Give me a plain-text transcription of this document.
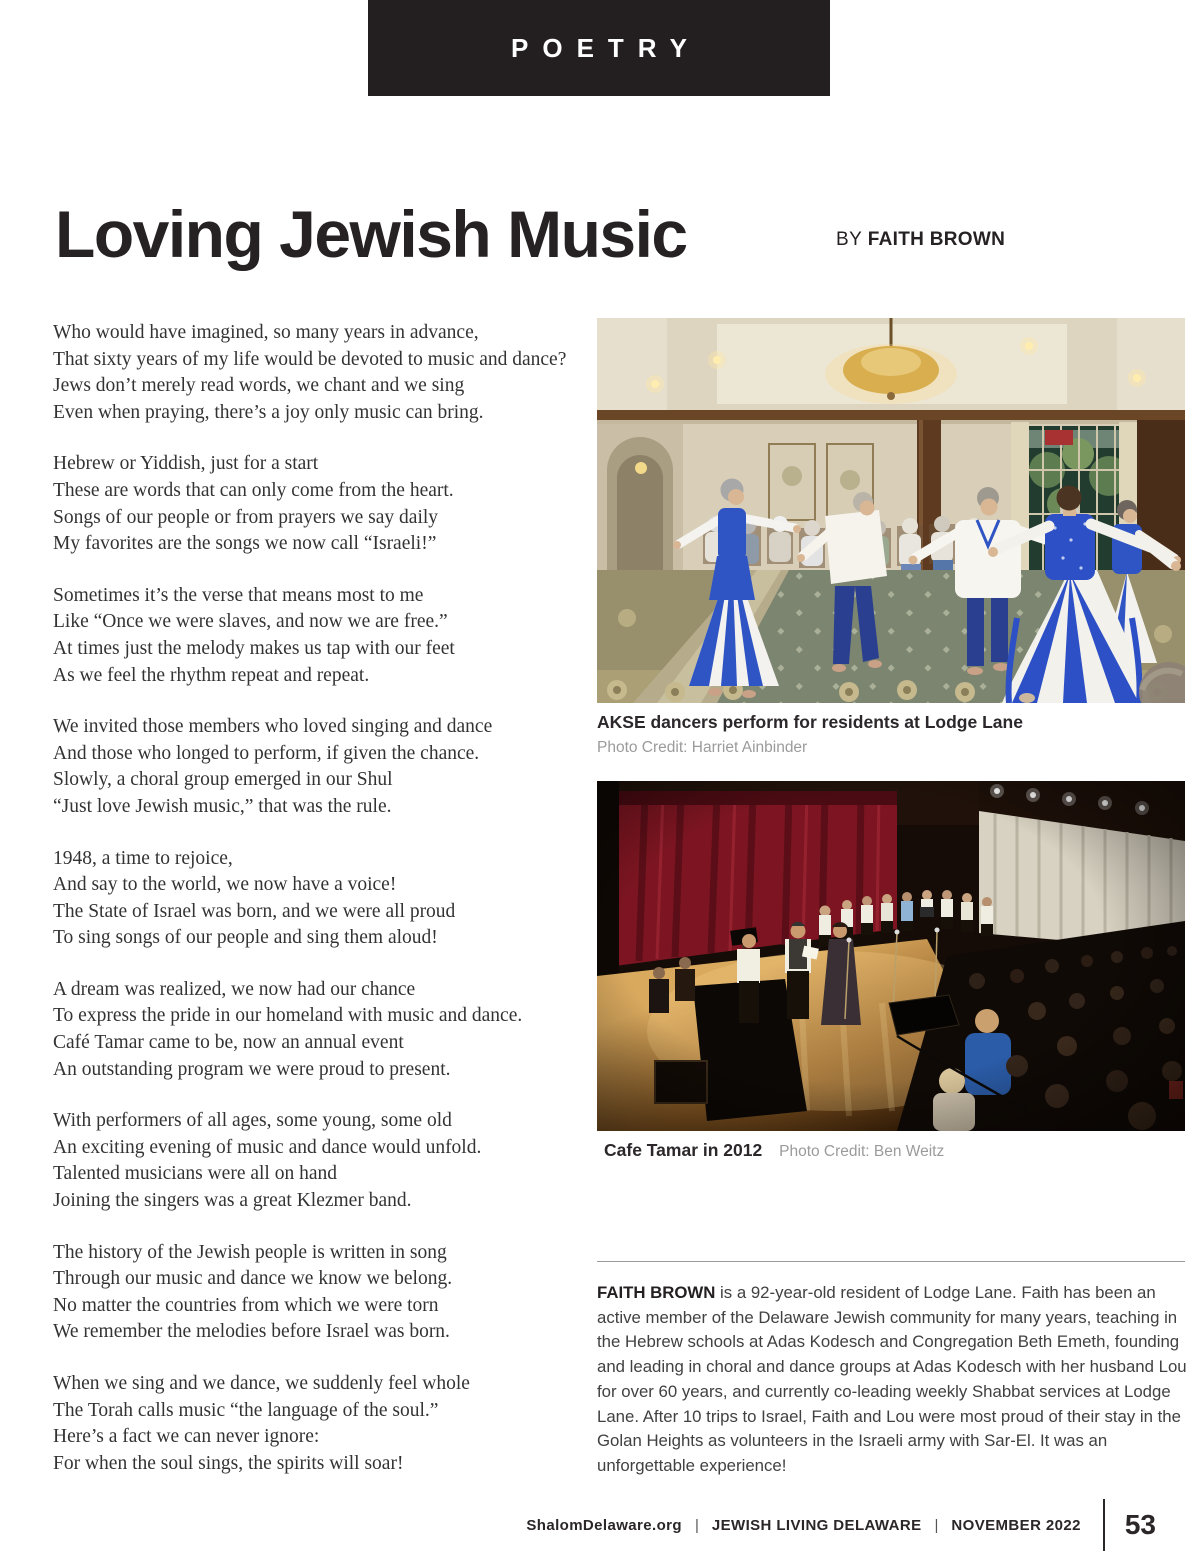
POETRY
Loving Jewish Music	BY FAITH BROWN
Who would have imagined, so many years in advance,
That sixty years of my life would be devoted to music and dance?
Jews don’t merely read words, we chant and we sing
Even when praying, there’s a joy only music can bring.
Hebrew or Yiddish, just for a start
These are words that can only come from the heart.
Songs of our people or from prayers we say daily
My favorites are the songs we now call “Israeli!”
Sometimes it’s the verse that means most to me
Like “Once we were slaves, and now we are free.”
At times just the melody makes us tap with our feet
As we feel the rhythm repeat and repeat.
We invited those members who loved singing and dance
And those who longed to perform, if given the chance.
Slowly, a choral group emerged in our Shul
“Just love Jewish music,” that was the rule.
1948, a time to rejoice,
And say to the world, we now have a voice!
The State of Israel was born, and we were all proud
To sing songs of our people and sing them aloud!
A dream was realized, we now had our chance
To express the pride in our homeland with music and dance.
Café Tamar came to be, now an annual event
An outstanding program we were proud to present.
With performers of all ages, some young, some old
An exciting evening of music and dance would unfold.
Talented musicians were all on hand
Joining the singers was a great Klezmer band.
The history of the Jewish people is written in song
Through our music and dance we know we belong.
No matter the countries from which we were torn
We remember the melodies before Israel was born.
When we sing and we dance, we suddenly feel whole
The Torah calls music “the language of the soul.”
Here’s a fact we can never ignore:
For when the soul sings, the spirits will soar!
AKSE dancers perform for residents at Lodge Lane
Photo Credit: Harriet Ainbinder
Cafe Tamar in 2012 Photo Credit: Ben Weitz

FAITH BROWN is a 92-year-old resident of Lodge Lane. Faith has been an active member of the Delaware Jewish community for many years, teaching in the Hebrew schools at Adas Kodesch and Congregation Beth Emeth, founding and leading in choral and dance groups at Adas Kodesch with her husband Lou for over 60 years, and currently co-leading weekly Shabbat services at Lodge Lane. After 10 trips to Israel, Faith and Lou were most proud of their stay in the Golan Heights as volunteers in the Israeli army with Sar-El. It was an unforgettable experience!

ShalomDelaware.org | JEWISH LIVING DELAWARE | NOVEMBER 2022 53
